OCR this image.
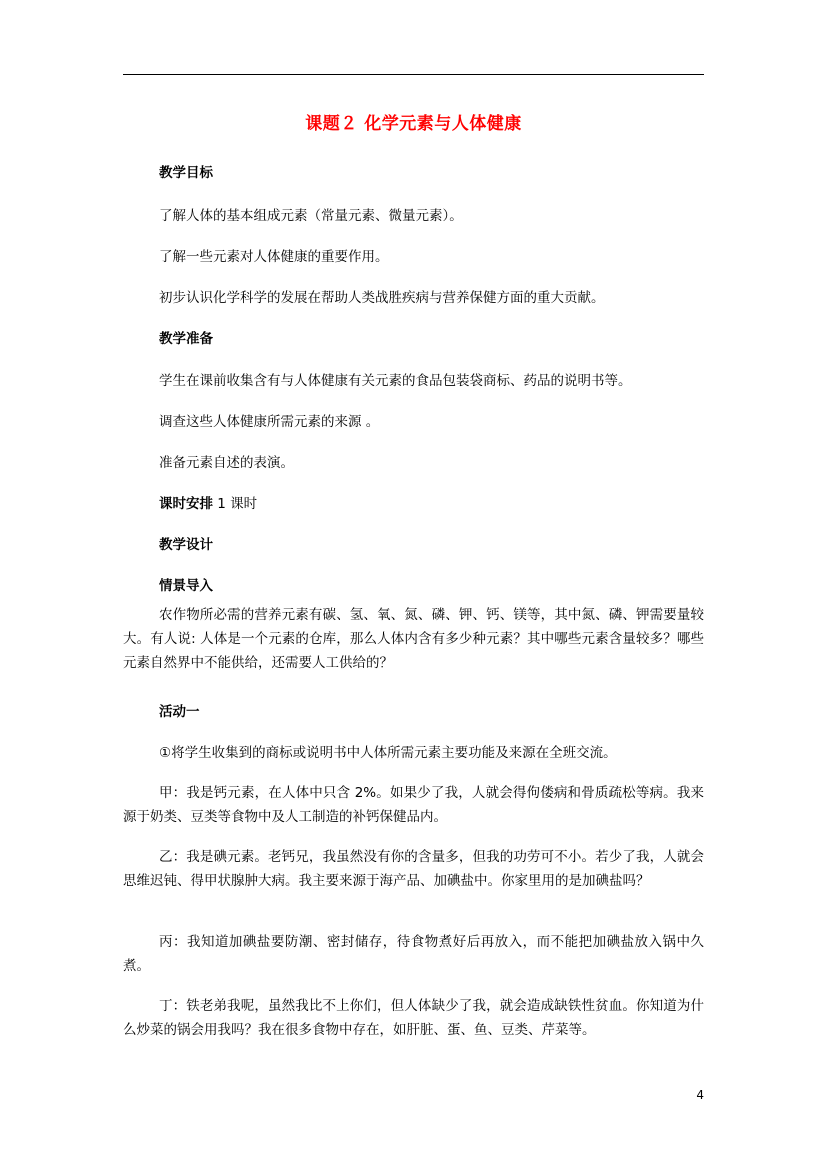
课题２ 化学元素与人体健康
教学目标
了解人体的基本组成元素（常量元素、微量元素）。
了解一些元素对人体健康的重要作用。
初步认识化学科学的发展在帮助人类战胜疾病与营养保健方面的重大贡献。
教学准备
学生在课前收集含有与人体健康有关元素的食品包装袋商标、药品的说明书等。
调查这些人体健康所需元素的来源 。
准备元素自述的表演。
课时安排 1 课时
教学设计
情景导入
农作物所必需的营养元素有碳、氢、氧、氮、磷、钾、钙、镁等，其中氮、磷、钾需要量较大。有人说: 人体是一个元素的仓库，那么人体内含有多少种元素？其中哪些元素含量较多？哪些元素自然界中不能供给，还需要人工供给的？
活动一
①将学生收集到的商标或说明书中人体所需元素主要功能及来源在全班交流。
甲：我是钙元素，在人体中只含 2%。如果少了我，人就会得佝偻病和骨质疏松等病。我来源于奶类、豆类等食物中及人工制造的补钙保健品内。
乙：我是碘元素。老钙兄，我虽然没有你的含量多，但我的功劳可不小。若少了我，人就会思维迟钝、得甲状腺肿大病。我主要来源于海产品、加碘盐中。你家里用的是加碘盐吗？
丙：我知道加碘盐要防潮、密封储存，待食物煮好后再放入，而不能把加碘盐放入锅中久煮。
丁：铁老弟我呢，虽然我比不上你们，但人体缺少了我，就会造成缺铁性贫血。你知道为什么炒菜的锅会用我吗？我在很多食物中存在，如肝脏、蛋、鱼、豆类、芹菜等。
4
